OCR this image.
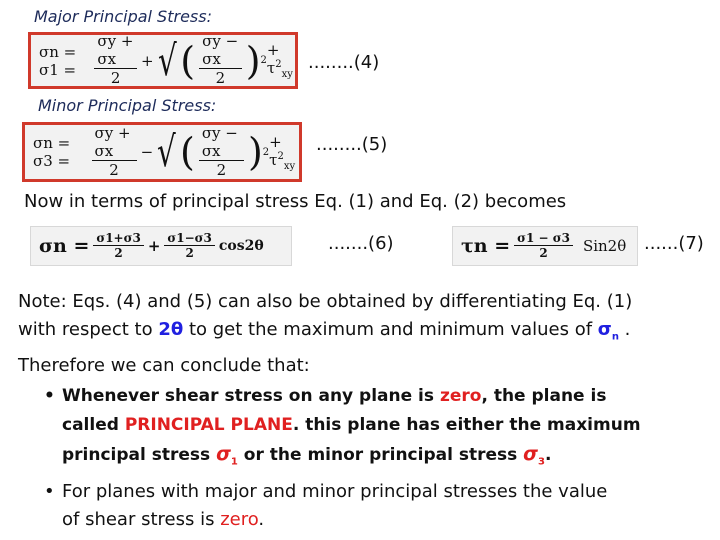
Major Principal Stress:
σn = σ1 =	$\frac{\sigma y + \sigma x}{2}$ + √ ( $\frac{\sigma y - \sigma x}{2}$ ) 2
+ $\tau^2_{xy}$
........(4)
Minor Principal Stress:
σn = σ3 =	$\frac{\sigma y + \sigma x}{2}$ − √ ( $\frac{\sigma y - \sigma x}{2}$ ) 2
+ $\tau^2_{xy}$
........(5)
Now in terms of principal stress Eq. (1) and Eq. (2) becomes
$\sigma n = \frac{\sigma 1+\sigma 3}{2} + \frac{\sigma 1-\sigma 3}{2} \cos 2\theta$	.......(6)	$\tau n = \frac{\sigma 1 - \sigma 3}{2} Sin2\theta$ ......(7)
Note: Eqs. (4) and (5) can also be obtained by differentiating Eq. (1)
with respect to 2θ to get the maximum and minimum values of $\sigma_n$ .
Therefore we can conclude that:
• Whenever shear stress on any plane is zero, the plane is
called PRINCIPAL PLANE. this plane has either the maximum
principal stress $\sigma_1$ or the minor principal stress $\sigma_3$.
• For planes with major and minor principal stresses the value
of shear stress is zero.
